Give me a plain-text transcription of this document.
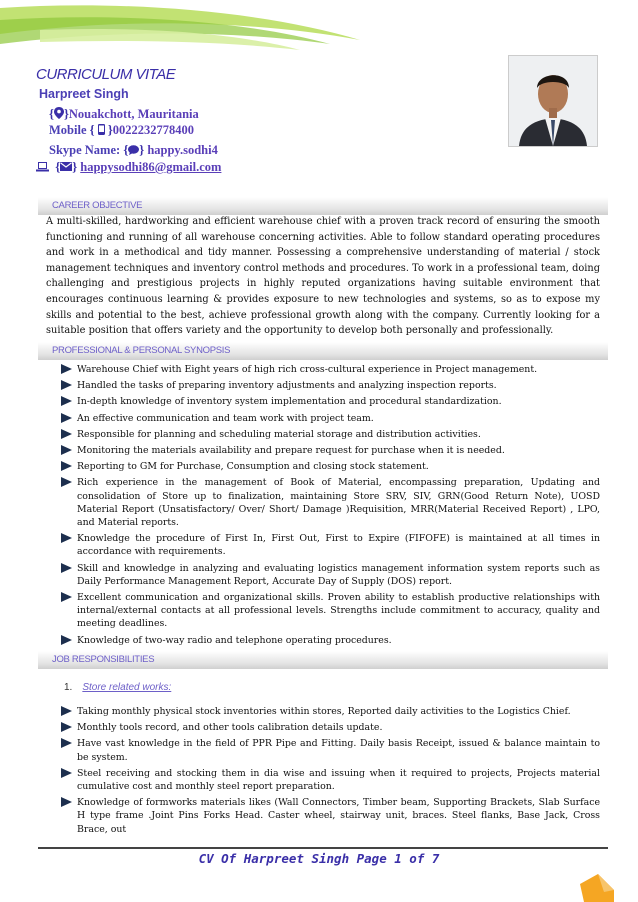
CURRICULUM VITAE
Harpreet Singh
{ }Nouakchott, Mauritania
Mobile {  }0022232778400
Skype Name: { } happy.sodhi4
{ } happysodhi86@gmail.com
CAREER OBJECTIVE
A multi-skilled, hardworking and efficient warehouse chief with a proven track record of ensuring the smooth functioning and running of all warehouse concerning activities. Able to follow standard operating procedures and work in a methodical and tidy manner. Possessing a comprehensive understanding of material / stock management techniques and inventory control methods and procedures. To work in a professional team, doing challenging and prestigious projects in highly reputed organizations having suitable environment that encourages continuous learning & provides exposure to new technologies and systems, so as to expose my skills and potential to the best, achieve professional growth along with the company. Currently looking for a suitable position that offers variety and the opportunity to develop both personally and professionally.
PROFESSIONAL & PERSONAL SYNOPSIS
Warehouse Chief with Eight years of high rich cross-cultural experience in Project management.
Handled the tasks of preparing inventory adjustments and analyzing inspection reports.
In-depth knowledge of inventory system implementation and procedural standardization.
An effective communication and team work with project team.
Responsible for planning and scheduling material storage and distribution activities.
Monitoring the materials availability and prepare request for purchase when it is needed.
Reporting to GM for Purchase, Consumption and closing stock statement.
Rich experience in the management of Book of Material, encompassing preparation, Updating and consolidation of Store up to finalization, maintaining Store SRV, SIV, GRN(Good Return Note), UOSD Material Report (Unsatisfactory/ Over/ Short/ Damage )Requisition, MRR(Material Received Report) , LPO, and Material reports.
Knowledge the procedure of First In, First Out, First to Expire (FIFOFE) is maintained at all times in accordance with requirements.
Skill and knowledge in analyzing and evaluating logistics management information system reports such as Daily Performance Management Report, Accurate Day of Supply (DOS) report.
Excellent communication and organizational skills. Proven ability to establish productive relationships with internal/external contacts at all professional levels. Strengths include commitment to accuracy, quality and meeting deadlines.
Knowledge of two-way radio and telephone operating procedures.
JOB RESPONSIBILITIES
1. Store related works:
Taking monthly physical stock inventories within stores, Reported daily activities to the Logistics Chief.
Monthly tools record, and other tools calibration details update.
Have vast knowledge in the field of PPR Pipe and Fitting. Daily basis Receipt, issued & balance maintain to be system.
Steel receiving and stocking them in dia wise and issuing when it required to projects, Projects material cumulative cost and monthly steel report preparation.
Knowledge of formworks materials likes (Wall Connectors, Timber beam, Supporting Brackets, Slab Surface H type frame .Joint Pins Forks Head. Caster wheel, stairway unit, braces. Steel flanks, Base Jack, Cross Brace, out
CV Of Harpreet Singh Page 1 of 7
